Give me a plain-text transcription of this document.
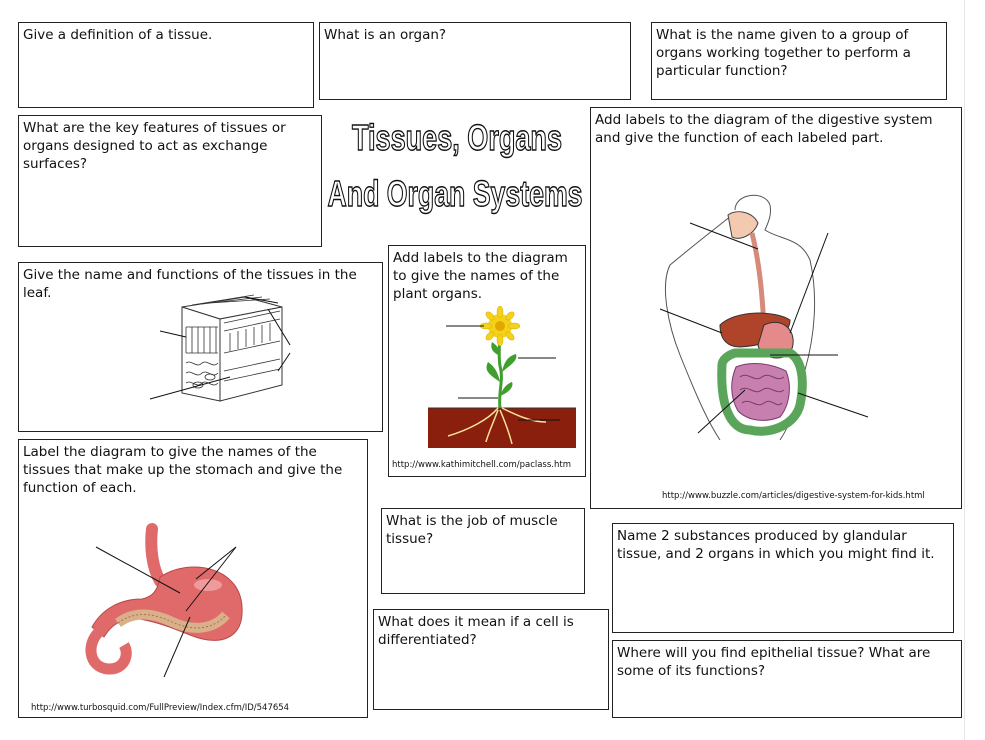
Give a definition of a tissue.	What is an organ?	What is the name given to a group of organs working together to perform a particular function?
What are the key features of tissues or organs designed to act as exchange surfaces?
Tissues, Organs
And Organ Systems
Add labels to the diagram of the digestive system and give the function of each labeled part.
http://www.buzzle.com/articles/digestive-system-for-kids.html
Give the name and functions of the tissues in the leaf.
Add labels to the diagram to give the names of the plant organs.
http://www.kathimitchell.com/paclass.htm
Label the diagram to give the names of the tissues that make up the stomach and give the function of each.
http://www.turbosquid.com/FullPreview/Index.cfm/ID/547654
What is the job of muscle tissue?	Name 2 substances produced by glandular tissue, and 2 organs in which you might find it.
What does it mean if a cell is differentiated?
Where will you find epithelial tissue? What are some of its functions?
